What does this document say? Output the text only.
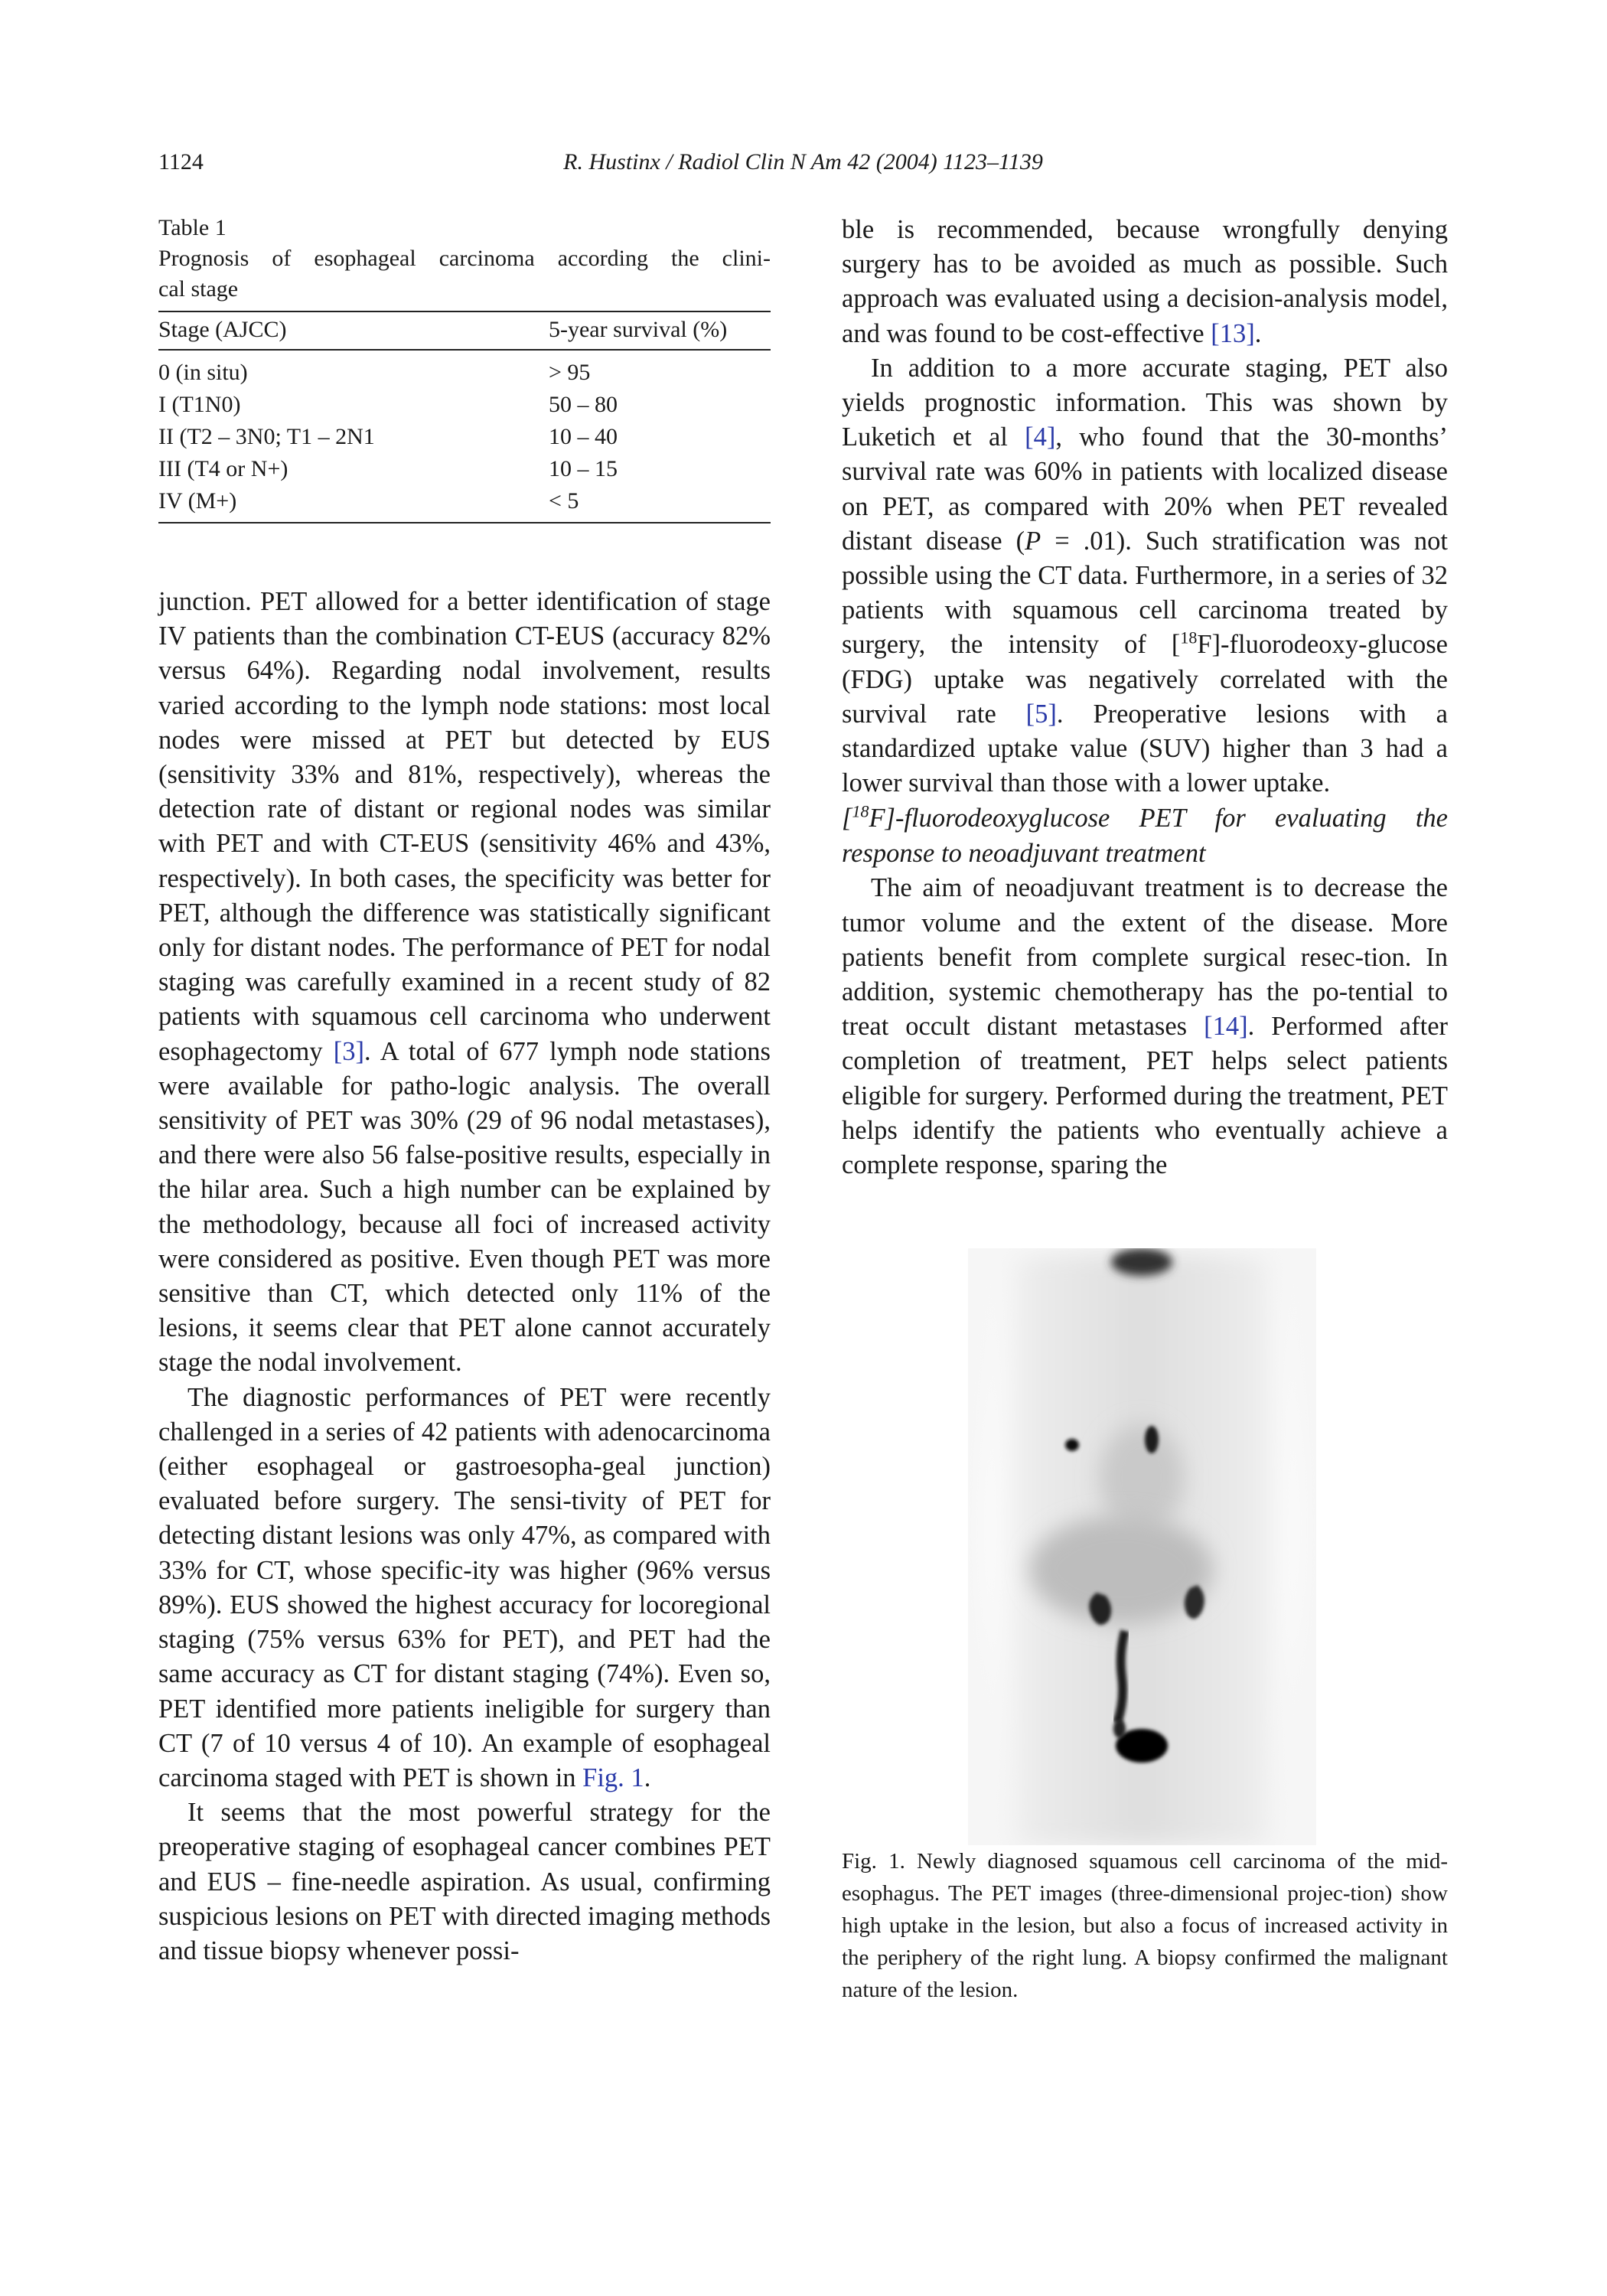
1124	R. Hustinx / Radiol Clin N Am 42 (2004) 1123–1139

Table 1

Prognosis of esophageal carcinoma according the clini-
cal stage

Stage (AJCC)	5-year survival (%)
0 (in situ)	> 95
I (T1N0)	50 – 80
II (T2 – 3N0; T1 – 2N1	10 – 40
III (T4 or N+)	10 – 15
IV (M+)	< 5

junction. PET allowed for a better identification of stage IV patients than the combination CT-EUS (accuracy 82% versus 64%). Regarding nodal involvement, results varied according to the lymph node stations: most local nodes were missed at PET but detected by EUS (sensitivity 33% and 81%, respectively), whereas the detection rate of distant or regional nodes was similar with PET and with CT-EUS (sensitivity 46% and 43%, respectively). In both cases, the specificity was better for PET, although the difference was statistically significant only for distant nodes. The performance of PET for nodal staging was carefully examined in a recent study of 82 patients with squamous cell carcinoma who underwent esophagectomy [3]. A total of 677 lymph node stations were available for patho-logic analysis. The overall sensitivity of PET was 30% (29 of 96 nodal metastases), and there were also 56 false-positive results, especially in the hilar area. Such a high number can be explained by the methodology, because all foci of increased activity were considered as positive. Even though PET was more sensitive than CT, which detected only 11% of the lesions, it seems clear that PET alone cannot accurately stage the nodal involvement.

The diagnostic performances of PET were recently challenged in a series of 42 patients with adenocarcinoma (either esophageal or gastroesopha-geal junction) evaluated before surgery. The sensi-tivity of PET for detecting distant lesions was only 47%, as compared with 33% for CT, whose specific-ity was higher (96% versus 89%). EUS showed the highest accuracy for locoregional staging (75% versus 63% for PET), and PET had the same accuracy as CT for distant staging (74%). Even so, PET identified more patients ineligible for surgery than CT (7 of 10 versus 4 of 10). An example of esophageal carcinoma staged with PET is shown in Fig. 1.

It seems that the most powerful strategy for the preoperative staging of esophageal cancer combines PET and EUS – fine-needle aspiration. As usual, confirming suspicious lesions on PET with directed imaging methods and tissue biopsy whenever possi-

ble is recommended, because wrongfully denying surgery has to be avoided as much as possible. Such approach was evaluated using a decision-analysis model, and was found to be cost-effective [13].

In addition to a more accurate staging, PET also yields prognostic information. This was shown by Luketich et al [4], who found that the 30-months’ survival rate was 60% in patients with localized disease on PET, as compared with 20% when PET revealed distant disease (P = .01). Such stratification was not possible using the CT data. Furthermore, in a series of 32 patients with squamous cell carcinoma treated by surgery, the intensity of [$^{18}$F]-fluorodeoxy-glucose (FDG) uptake was negatively correlated with the survival rate [5]. Preoperative lesions with a standardized uptake value (SUV) higher than 3 had a lower survival than those with a lower uptake.

[$^{18}$F]-fluorodeoxyglucose PET for evaluating the response to neoadjuvant treatment

The aim of neoadjuvant treatment is to decrease the tumor volume and the extent of the disease. More patients benefit from complete surgical resec-tion. In addition, systemic chemotherapy has the po-tential to treat occult distant metastases [14]. Performed after completion of treatment, PET helps select patients eligible for surgery. Performed during the treatment, PET helps identify the patients who eventually achieve a complete response, sparing the

Fig. 1. Newly diagnosed squamous cell carcinoma of the mid-esophagus. The PET images (three-dimensional projec-tion) show high uptake in the lesion, but also a focus of increased activity in the periphery of the right lung. A biopsy confirmed the malignant nature of the lesion.
